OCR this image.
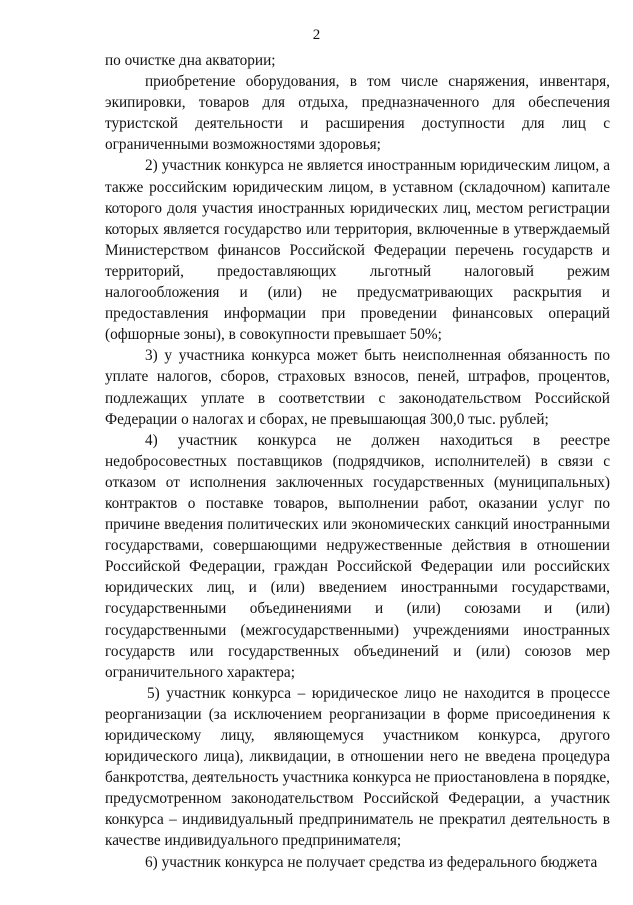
2

по очистке дна акватории;

приобретение оборудования, в том числе снаряжения, инвентаря, экипировки, товаров для отдыха, предназначенного для обеспечения туристской деятельности и расширения доступности для лиц с ограниченными возможностями здоровья;

2) участник конкурса не является иностранным юридическим лицом, а также российским юридическим лицом, в уставном (складочном) капитале которого доля участия иностранных юридических лиц, местом регистрации которых является государство или территория, включенные в утверждаемый Министерством финансов Российской Федерации перечень государств и территорий, предоставляющих льготный налоговый режим налогообложения и (или) не предусматривающих раскрытия и предоставления информации при проведении финансовых операций (офшорные зоны), в совокупности превышает 50%;

3) у участника конкурса может быть неисполненная обязанность по уплате налогов, сборов, страховых взносов, пеней, штрафов, процентов, подлежащих уплате в соответствии с законодательством Российской Федерации о налогах и сборах, не превышающая 300,0 тыс. рублей;

4) участник конкурса не должен находиться в реестре недобросовестных поставщиков (подрядчиков, исполнителей) в связи с отказом от исполнения заключенных государственных (муниципальных) контрактов о поставке товаров, выполнении работ, оказании услуг по причине введения политических или экономических санкций иностранными государствами, совершающими недружественные действия в отношении Российской Федерации, граждан Российской Федерации или российских юридических лиц, и (или) введением иностранными государствами, государственными объединениями и (или) союзами и (или) государственными (межгосударственными) учреждениями иностранных государств или государственных объединений и (или) союзов мер ограничительного характера;

5) участник конкурса – юридическое лицо не находится в процессе реорганизации (за исключением реорганизации в форме присоединения к юридическому лицу, являющемуся участником конкурса, другого юридического лица), ликвидации, в отношении него не введена процедура банкротства, деятельность участника конкурса не приостановлена в порядке, предусмотренном законодательством Российской Федерации, а участник конкурса – индивидуальный предприниматель не прекратил деятельность в качестве индивидуального предпринимателя;

6) участник конкурса не получает средства из федерального бюджета
